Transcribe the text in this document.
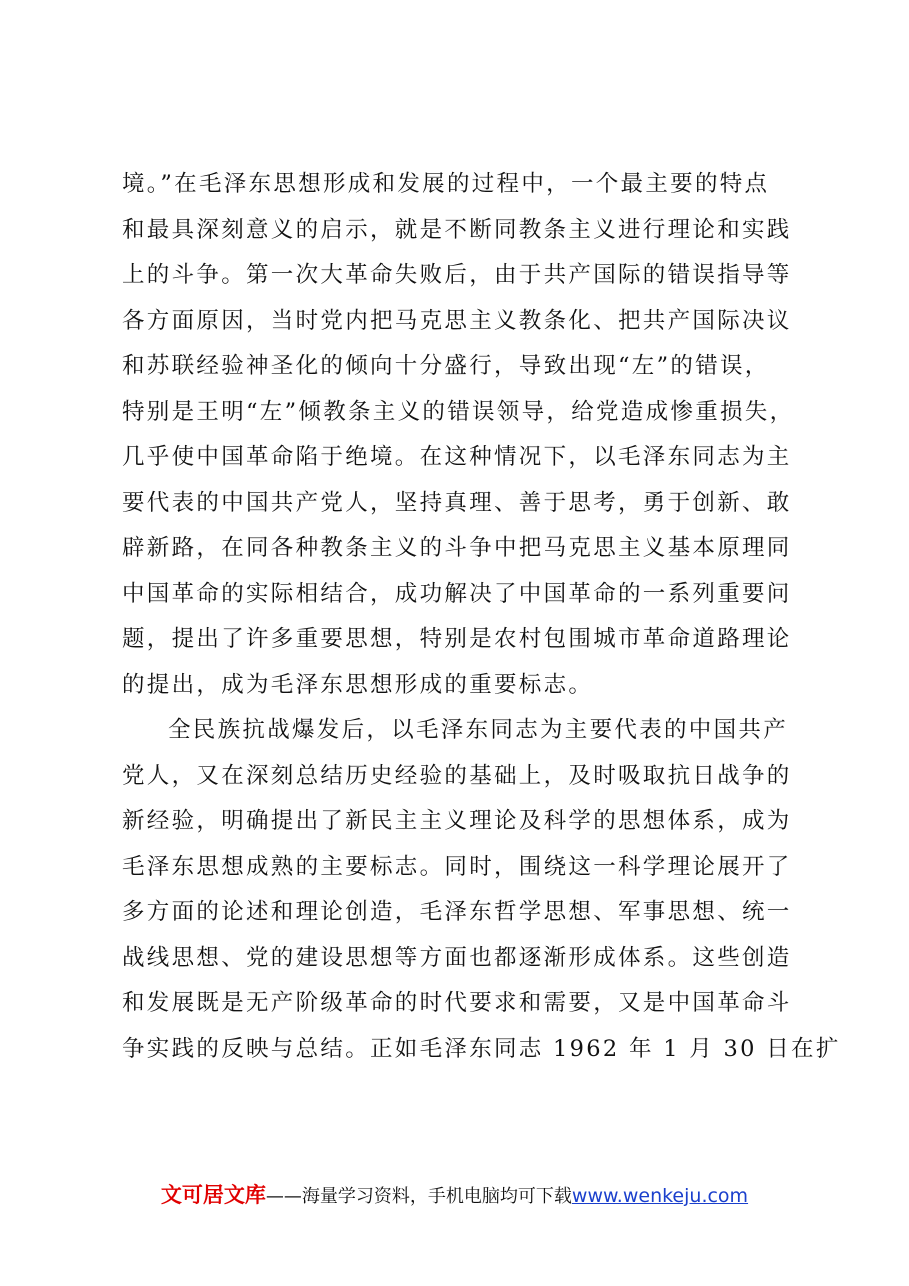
境。”在毛泽东思想形成和发展的过程中，一个最主要的特点
和最具深刻意义的启示，就是不断同教条主义进行理论和实践
上的斗争。第一次大革命失败后，由于共产国际的错误指导等
各方面原因，当时党内把马克思主义教条化、把共产国际决议
和苏联经验神圣化的倾向十分盛行，导致出现“左”的错误，
特别是王明“左”倾教条主义的错误领导，给党造成惨重损失，
几乎使中国革命陷于绝境。在这种情况下，以毛泽东同志为主
要代表的中国共产党人，坚持真理、善于思考，勇于创新、敢
辟新路，在同各种教条主义的斗争中把马克思主义基本原理同
中国革命的实际相结合，成功解决了中国革命的一系列重要问
题，提出了许多重要思想，特别是农村包围城市革命道路理论
的提出，成为毛泽东思想形成的重要标志。
全民族抗战爆发后，以毛泽东同志为主要代表的中国共产
党人，又在深刻总结历史经验的基础上，及时吸取抗日战争的
新经验，明确提出了新民主主义理论及科学的思想体系，成为
毛泽东思想成熟的主要标志。同时，围绕这一科学理论展开了
多方面的论述和理论创造，毛泽东哲学思想、军事思想、统一
战线思想、党的建设思想等方面也都逐渐形成体系。这些创造
和发展既是无产阶级革命的时代要求和需要，又是中国革命斗
争实践的反映与总结。正如毛泽东同志 1962 年 1 月 30 日在扩
文可居文库——海量学习资料，手机电脑均可下载www.wenkeju.com
